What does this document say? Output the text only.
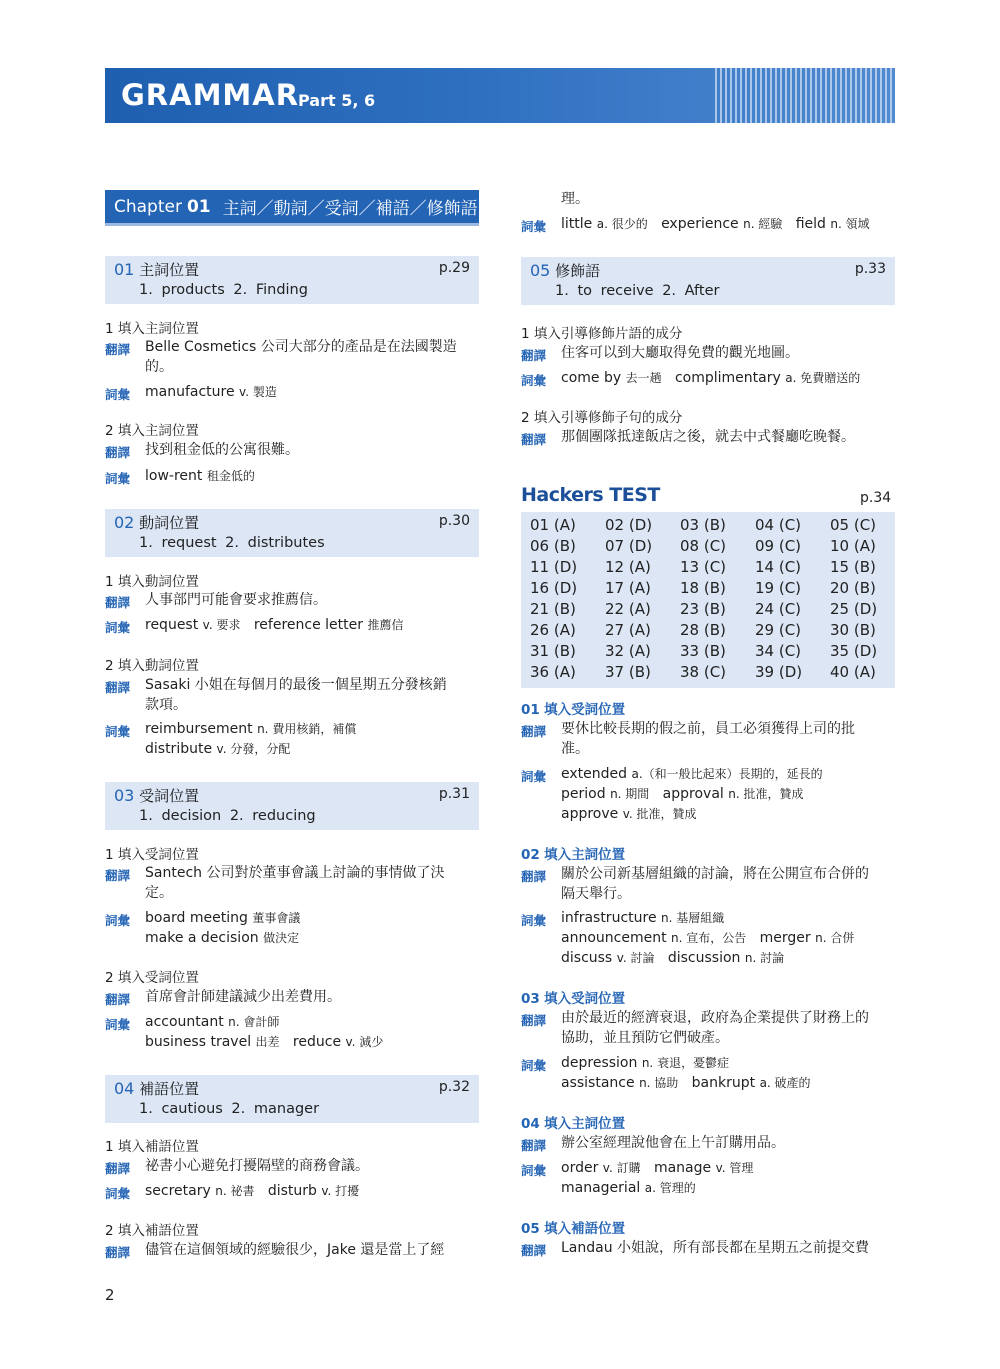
GRAMMAR
Part 5, 6
Chapter 01 主詞／動詞／受詞／補語／修飾語
01 主詞位置	p.29
1. products 2. Finding
1 填入主詞位置
翻譯 Belle Cosmetics 公司大部分的產品是在法國製造
的。
詞彙 manufacture v. 製造
2 填入主詞位置
翻譯 找到租金低的公寓很難。
詞彙 low-rent 租金低的
02 動詞位置	p.30
1. request 2. distributes
1 填入動詞位置
翻譯 人事部門可能會要求推薦信。
詞彙 request v. 要求 reference letter 推薦信
2 填入動詞位置
翻譯 Sasaki 小姐在每個月的最後一個星期五分發核銷
款項。
詞彙 reimbursement n. 費用核銷，補償
distribute v. 分發，分配
03 受詞位置	p.31
1. decision 2. reducing
1 填入受詞位置
翻譯 Santech 公司對於董事會議上討論的事情做了決
定。
詞彙 board meeting 董事會議
make a decision 做決定
2 填入受詞位置
翻譯 首席會計師建議減少出差費用。
詞彙 accountant n. 會計師
business travel 出差 reduce v. 減少
04 補語位置	p.32
1. cautious 2. manager
1 填入補語位置
翻譯 祕書小心避免打擾隔壁的商務會議。
詞彙 secretary n. 祕書 disturb v. 打擾
2 填入補語位置
翻譯 儘管在這個領域的經驗很少，Jake 還是當上了經
理。
詞彙 little a. 很少的 experience n. 經驗 field n. 領域
05 修飾語	p.33
1. to receive 2. After
1 填入引導修飾片語的成分
翻譯 住客可以到大廳取得免費的觀光地圖。
詞彙 come by 去一趟 complimentary a. 免費贈送的
2 填入引導修飾子句的成分
翻譯 那個團隊抵達飯店之後，就去中式餐廳吃晚餐。
01 填入受詞位置
翻譯 要休比較長期的假之前，員工必須獲得上司的批
准。
詞彙 extended a.（和一般比起來）長期的，延長的
period n. 期間 approval n. 批准，贊成
approve v. 批准，贊成
02 填入主詞位置
翻譯 關於公司新基層組織的討論，將在公開宣布合併的
隔天舉行。
詞彙 infrastructure n. 基層組織
announcement n. 宣布，公告 merger n. 合併
discuss v. 討論 discussion n. 討論
03 填入受詞位置
翻譯 由於最近的經濟衰退，政府為企業提供了財務上的
協助，並且預防它們破產。
詞彙 depression n. 衰退，憂鬱症
assistance n. 協助 bankrupt a. 破產的
04 填入主詞位置
翻譯 辦公室經理說他會在上午訂購用品。
詞彙 order v. 訂購 manage v. 管理
managerial a. 管理的
05 填入補語位置
翻譯 Landau 小姐說，所有部長都在星期五之前提交費
Hackers TEST	p.34
01 (A)	02 (D)	03 (B)	04 (C)	05 (C)
06 (B)	07 (D)	08 (C)	09 (C)	10 (A)
11 (D)	12 (A)	13 (C)	14 (C)	15 (B)
16 (D)	17 (A)	18 (B)	19 (C)	20 (B)
21 (B)	22 (A)	23 (B)	24 (C)	25 (D)
26 (A)	27 (A)	28 (B)	29 (C)	30 (B)
31 (B)	32 (A)	33 (B)	34 (C)	35 (D)
36 (A)	37 (B)	38 (C)	39 (D)	40 (A)
2
